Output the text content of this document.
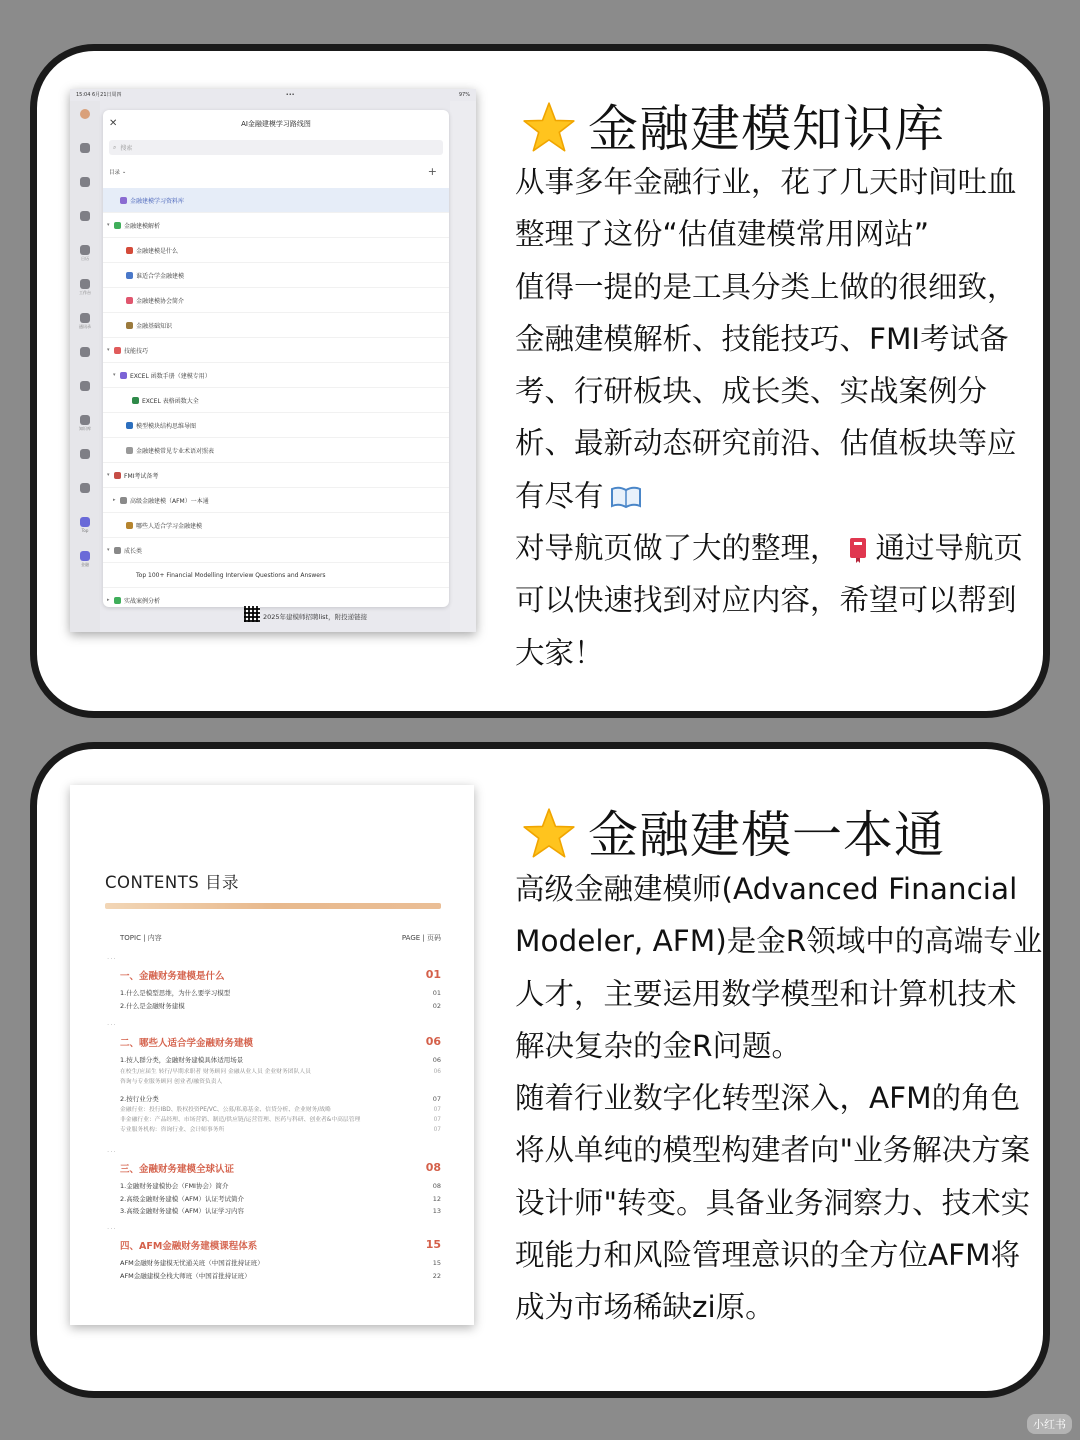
15:04 6月21日周四	•••	97%
日历
工作台
通讯录
知识库
Top
金融
✕	AI金融建模学习路线图
⌕ 搜索
目录 ⌄	+
金融建模学习资料库
▾	金融建模解析
金融建模是什么
谁适合学金融建模
金融建模协会简介
金融基础知识
▾	技能技巧
▾	EXCEL 函数手册（建模专用）
EXCEL 表格函数大全
模型模块结构思维导图
金融建模常见专业术语对照表
▾	FMI考试备考
▸	高级金融建模（AFM）一本通
哪些人适合学习金融建模
▾	成长类
Top 100+ Financial Modelling Interview Questions and Answers
▸	实战案例分析
2025年建模师招聘list，附投递链接
金融建模知识库

从事多年金融行业，花了几天时间吐血整理了这份“估值建模常用网站”

值得一提的是工具分类上做的很细致，金融建模解析、技能技巧、FMI考试备考、行研板块、成长类、实战案例分析、最新动态研究前沿、估值板块等应有尽有

对导航页做了大的整理， 通过导航页可以快速找到对应内容，希望可以帮到大家！

CONTENTS 目录
TOPIC | 内容	PAGE | 页码
···
一、金融财务建模是什么	01
1.什么是模型思维，为什么要学习模型	01
2.什么是金融财务建模	02
···
二、哪些人适合学金融财务建模	06
1.按人群分类，金融财务建模具体适用场景	06
在校生/应届生 转行/早期求职者 财务顾问 金融从业人员 企业财务团队人员	06
咨询与专业服务顾问 创业者/融资负责人
2.按行业分类	07
金融行业：投行IBD、股权投资PE/VC、公募/私募基金、信贷分析、企业财务/战略	07
非金融行业：产品经理、市场营销、制造/供应链/运营管理、医药与科研、创业者&中高层管理	07
专业服务机构：咨询行业、会计师事务所	07
···
三、金融财务建模全球认证	08
1.金融财务建模协会（FMI协会）简介	08
2.高级金融财务建模（AFM）认证考试简介	12
3.高级金融财务建模（AFM）认证学习内容	13
···
四、AFM金融财务建模课程体系	15
AFM金融财务建模无忧通关班（中国首批持证班）	15
AFM金融建模全栈大师班（中国首批持证班）	22
金融建模一本通

高级金融建模师(Advanced Financial Modeler, AFM)是金R领域中的高端专业人才，主要运用数学模型和计算机技术解决复杂的金R问题。

随着行业数字化转型深入，AFM的角色将从单纯的模型构建者向"业务解决方案设计师"转变。具备业务洞察力、技术实现能力和风险管理意识的全方位AFM将成为市场稀缺zi原。

小红书
